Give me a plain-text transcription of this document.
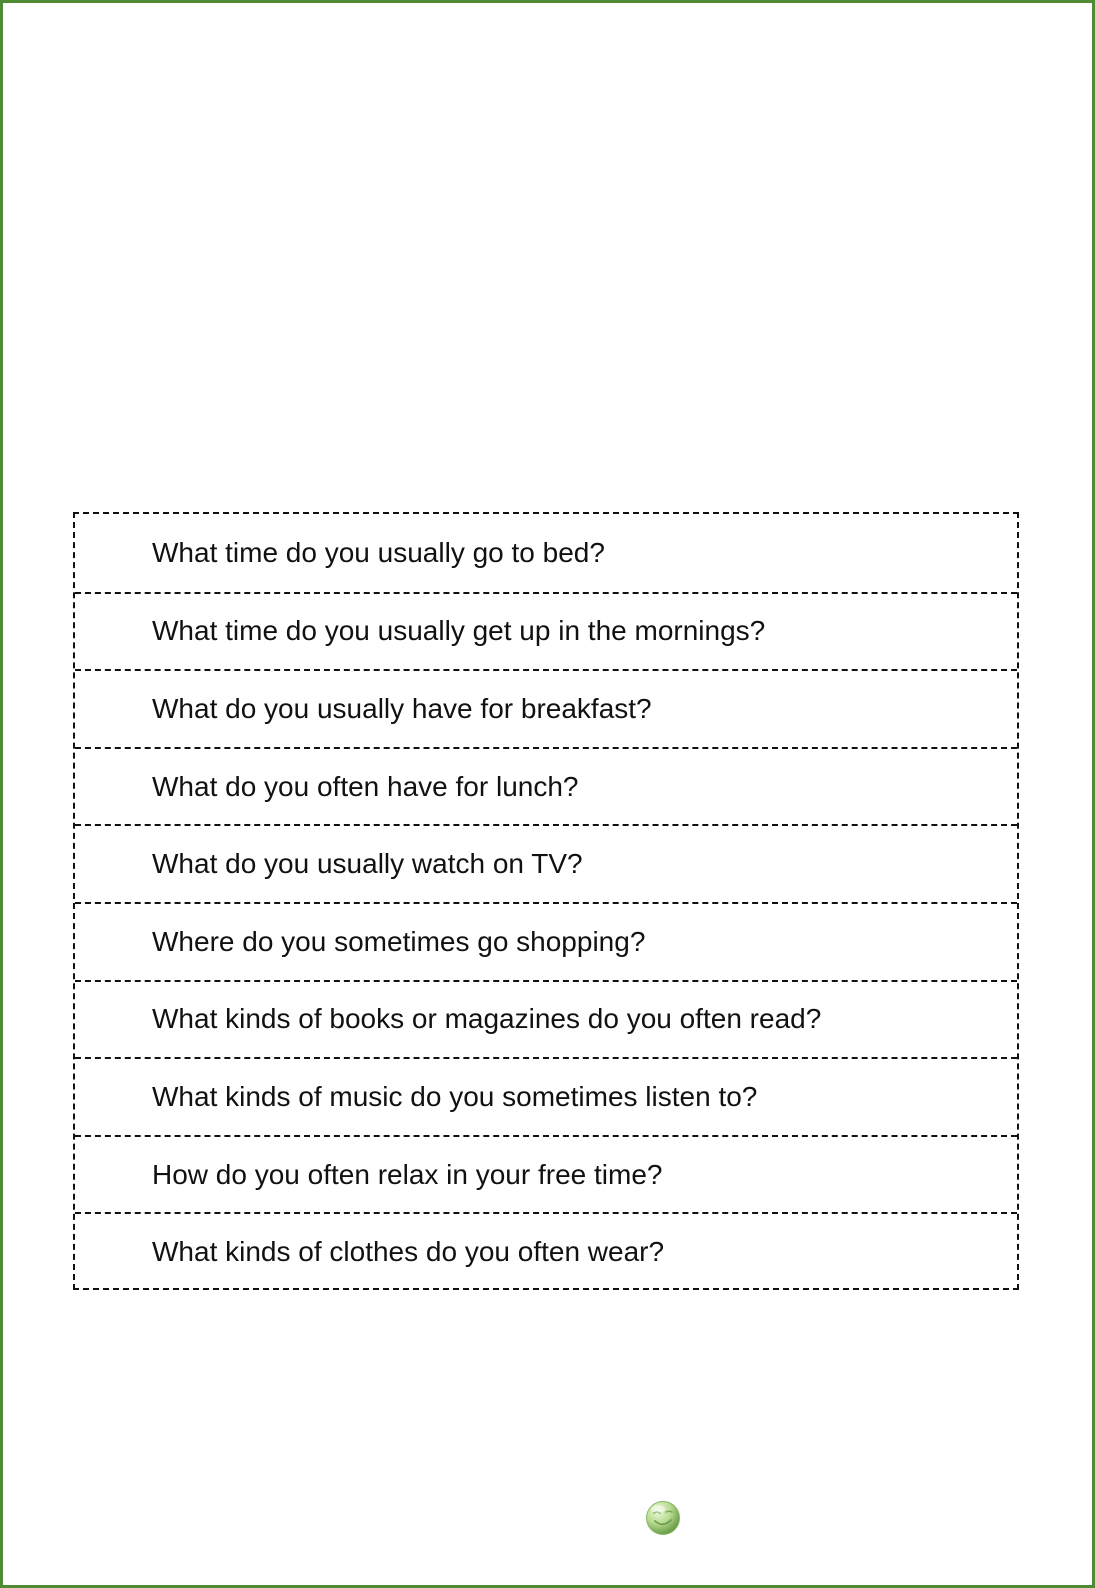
What time do you usually go to bed?
What time do you usually get up in the mornings?
What do you usually have for breakfast?
What do you often have for lunch?
What do you usually watch on TV?
Where do you sometimes go shopping?
What kinds of books or magazines do you often read?
What kinds of music do you sometimes listen to?
How do you often relax in your free time?
What kinds of clothes do you often wear?
